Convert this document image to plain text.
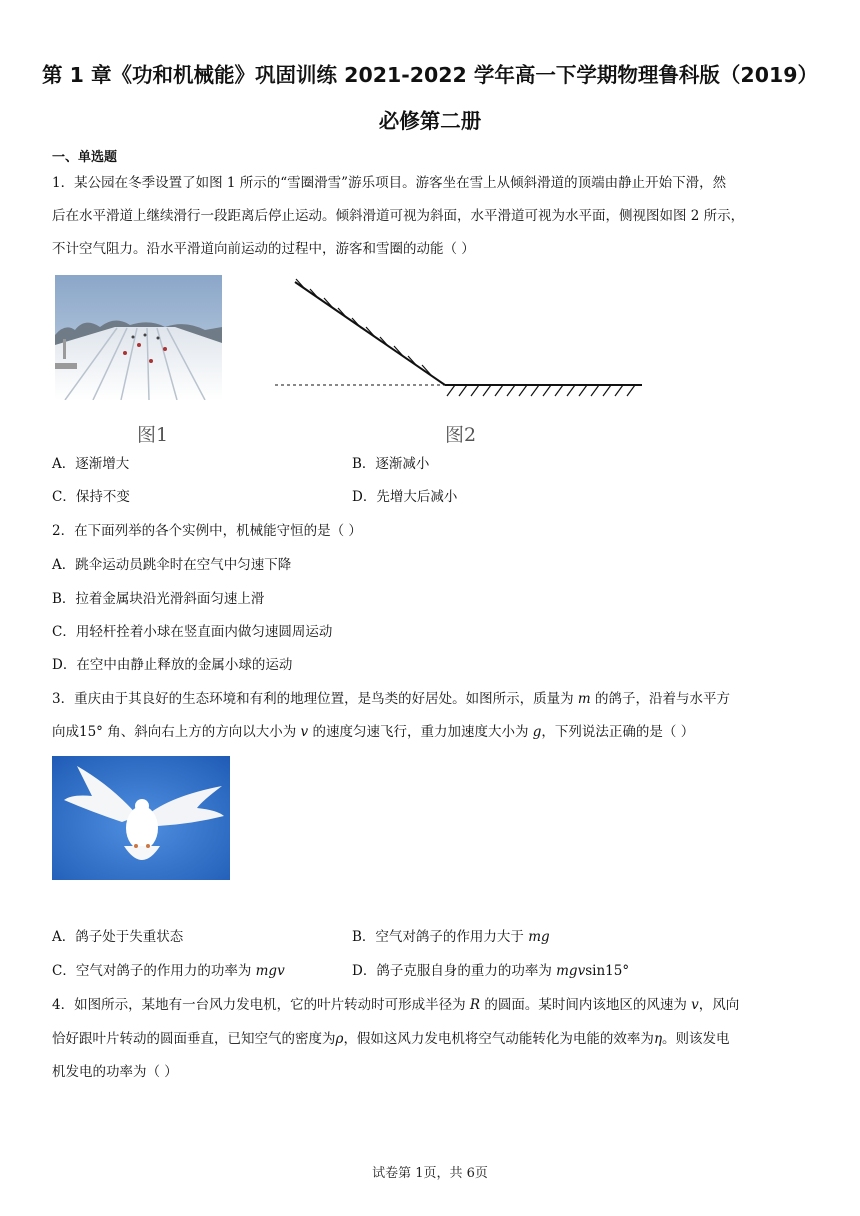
第 1 章《功和机械能》巩固训练 2021-2022 学年高一下学期物理鲁科版（2019）
必修第二册
一、单选题
1．某公园在冬季设置了如图 1 所示的“雪圈滑雪”游乐项目。游客坐在雪上从倾斜滑道的顶端由静止开始下滑，然
后在水平滑道上继续滑行一段距离后停止运动。倾斜滑道可视为斜面，水平滑道可视为水平面，侧视图如图 2 所示，
不计空气阻力。沿水平滑道向前运动的过程中，游客和雪圈的动能（ ）
图1	图2
A．逐渐增大	B．逐渐减小
C．保持不变	D．先增大后减小
2．在下面列举的各个实例中，机械能守恒的是（ ）
A．跳伞运动员跳伞时在空气中匀速下降
B．拉着金属块沿光滑斜面匀速上滑
C．用轻杆拴着小球在竖直面内做匀速圆周运动
D．在空中由静止释放的金属小球的运动
3．重庆由于其良好的生态环境和有利的地理位置，是鸟类的好居处。如图所示，质量为 m 的鸽子，沿着与水平方
向成15° 角、斜向右上方的方向以大小为 v 的速度匀速飞行，重力加速度大小为 g，下列说法正确的是（ ）
A．鸽子处于失重状态	B．空气对鸽子的作用力大于 mg
C．空气对鸽子的作用力的功率为 mgv	D．鸽子克服自身的重力的功率为 mgvsin15°
4．如图所示，某地有一台风力发电机，它的叶片转动时可形成半径为 R 的圆面。某时间内该地区的风速为 v，风向
恰好跟叶片转动的圆面垂直，已知空气的密度为ρ，假如这风力发电机将空气动能转化为电能的效率为η。则该发电
机发电的功率为（ ）
试卷第 1页，共 6页
